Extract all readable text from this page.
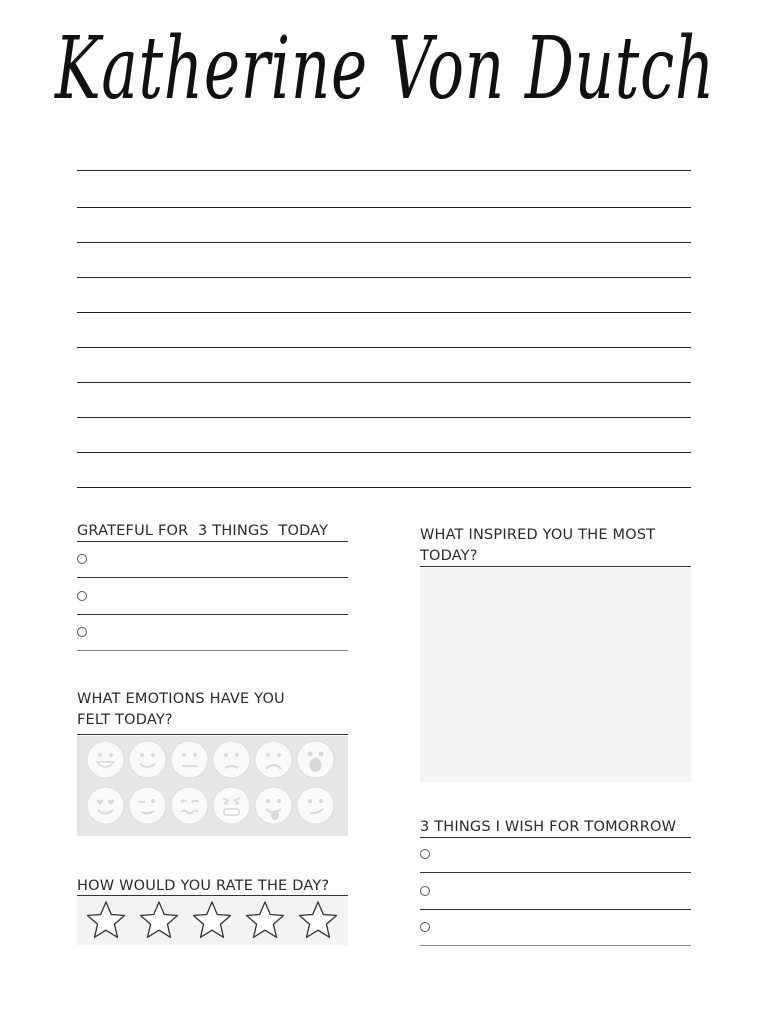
Katherine Von Dutch
GRATEFUL FOR  3 THINGS  TODAY
WHAT EMOTIONS HAVE YOU
FELT TODAY?
HOW WOULD YOU RATE THE DAY?
WHAT INSPIRED YOU THE MOST
TODAY?
3 THINGS I WISH FOR TOMORROW
